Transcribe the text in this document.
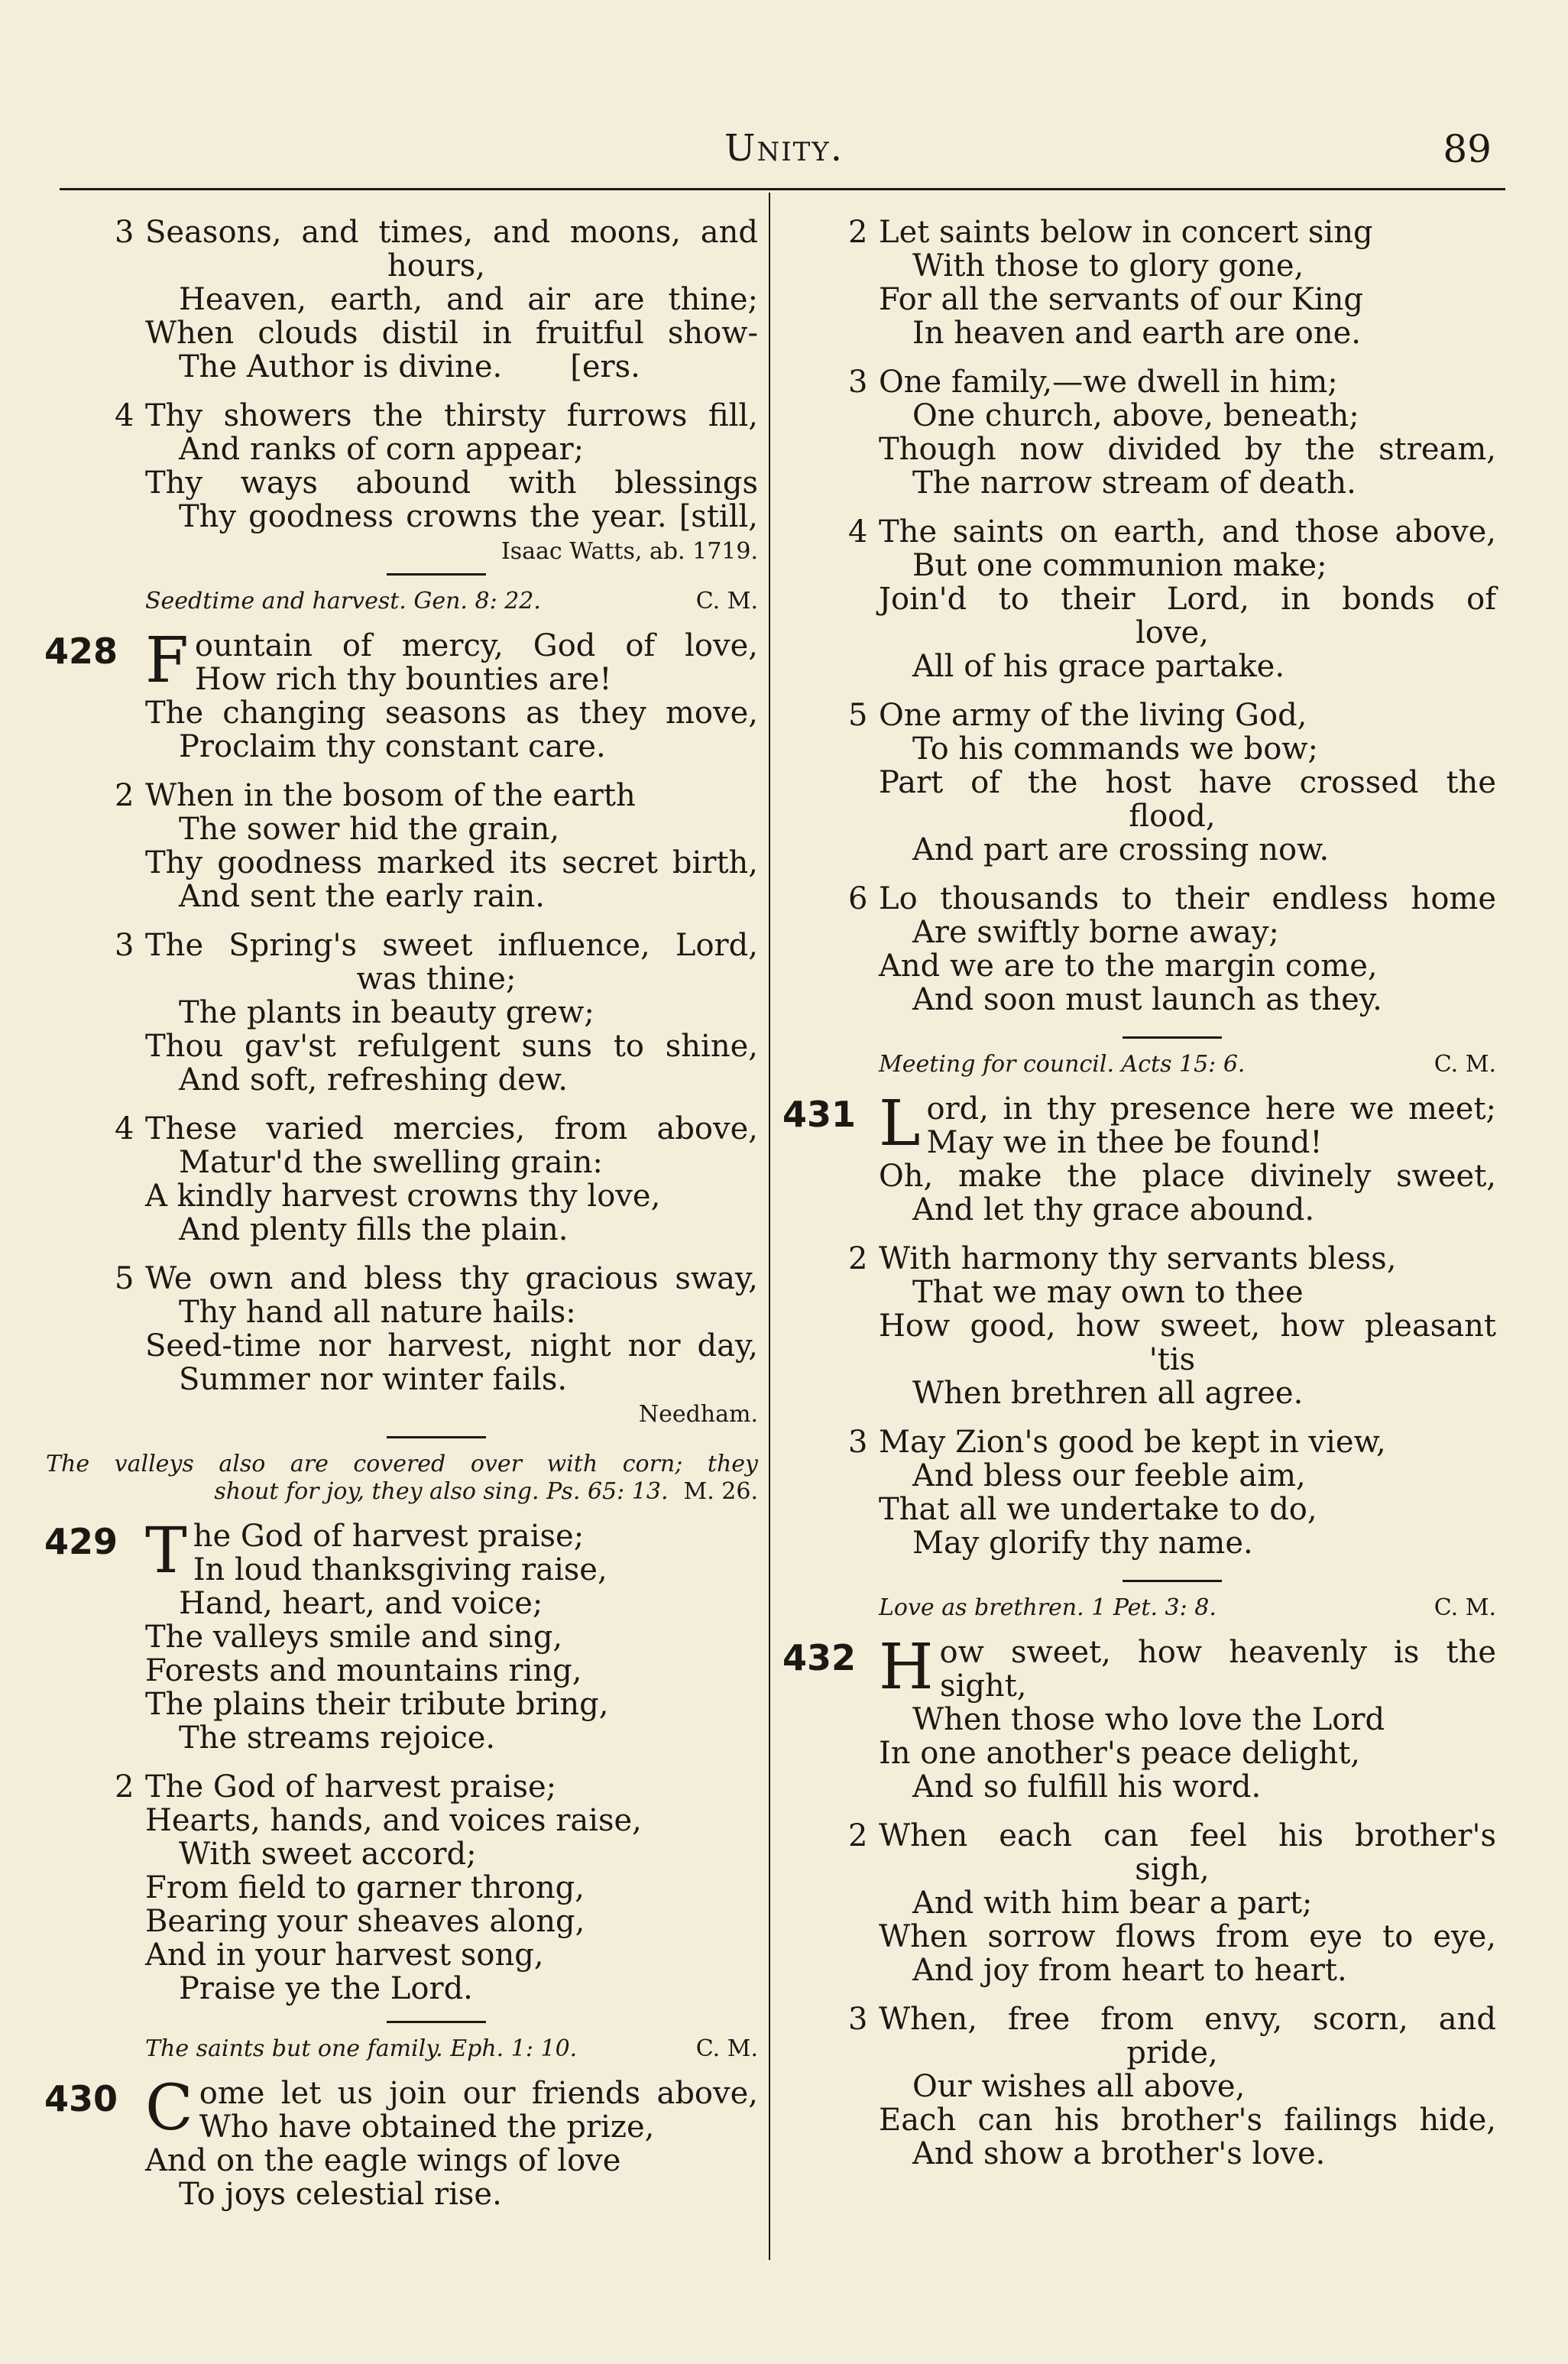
Unity.	89
3 Seasons, and times, and moons, and
hours,
Heaven, earth, and air are thine;
When clouds distil in fruitful show-
The Author is divine.       [ers.
4 Thy showers the thirsty furrows fill,
And ranks of corn appear;
Thy ways abound with blessings
Thy goodness crowns the year. [still,
Isaac Watts, ab. 1719.
Seedtime and harvest. Gen. 8: 22.	C. M.
428 F ountain of mercy, God of love,
How rich thy bounties are!
The changing seasons as they move,
Proclaim thy constant care.
2 When in the bosom of the earth
The sower hid the grain,
Thy goodness marked its secret birth,
And sent the early rain.
3 The Spring's sweet influence, Lord,
was thine;
The plants in beauty grew;
Thou gav'st refulgent suns to shine,
And soft, refreshing dew.
4 These varied mercies, from above,
Matur'd the swelling grain:
A kindly harvest crowns thy love,
And plenty fills the plain.
5 We own and bless thy gracious sway,
Thy hand all nature hails:
Seed-time nor harvest, night nor day,
Summer nor winter fails.
Needham.
The valleys also are covered over with corn; they
shout for joy, they also sing. Ps. 65: 13. M. 26.
429 T he God of harvest praise;
In loud thanksgiving raise,
Hand, heart, and voice;
The valleys smile and sing,
Forests and mountains ring,
The plains their tribute bring,
The streams rejoice.
2 The God of harvest praise;
Hearts, hands, and voices raise,
With sweet accord;
From field to garner throng,
Bearing your sheaves along,
And in your harvest song,
Praise ye the Lord.
The saints but one family. Eph. 1: 10.	C. M.
430 C ome let us join our friends above,
Who have obtained the prize,
And on the eagle wings of love
To joys celestial rise.
2 Let saints below in concert sing
With those to glory gone,
For all the servants of our King
In heaven and earth are one.
3 One family,—we dwell in him;
One church, above, beneath;
Though now divided by the stream,
The narrow stream of death.
4 The saints on earth, and those above,
But one communion make;
Join'd to their Lord, in bonds of
love,
All of his grace partake.
5 One army of the living God,
To his commands we bow;
Part of the host have crossed the
flood,
And part are crossing now.
6 Lo thousands to their endless home
Are swiftly borne away;
And we are to the margin come,
And soon must launch as they.
Meeting for council. Acts 15: 6.	C. M.
431 L ord, in thy presence here we meet;
May we in thee be found!
Oh, make the place divinely sweet,
And let thy grace abound.
2 With harmony thy servants bless,
That we may own to thee
How good, how sweet, how pleasant
'tis
When brethren all agree.
3 May Zion's good be kept in view,
And bless our feeble aim,
That all we undertake to do,
May glorify thy name.
Love as brethren. 1 Pet. 3: 8.	C. M.
432 H ow sweet, how heavenly is the
sight,
When those who love the Lord
In one another's peace delight,
And so fulfill his word.
2 When each can feel his brother's
sigh,
And with him bear a part;
When sorrow flows from eye to eye,
And joy from heart to heart.
3 When, free from envy, scorn, and
pride,
Our wishes all above,
Each can his brother's failings hide,
And show a brother's love.
